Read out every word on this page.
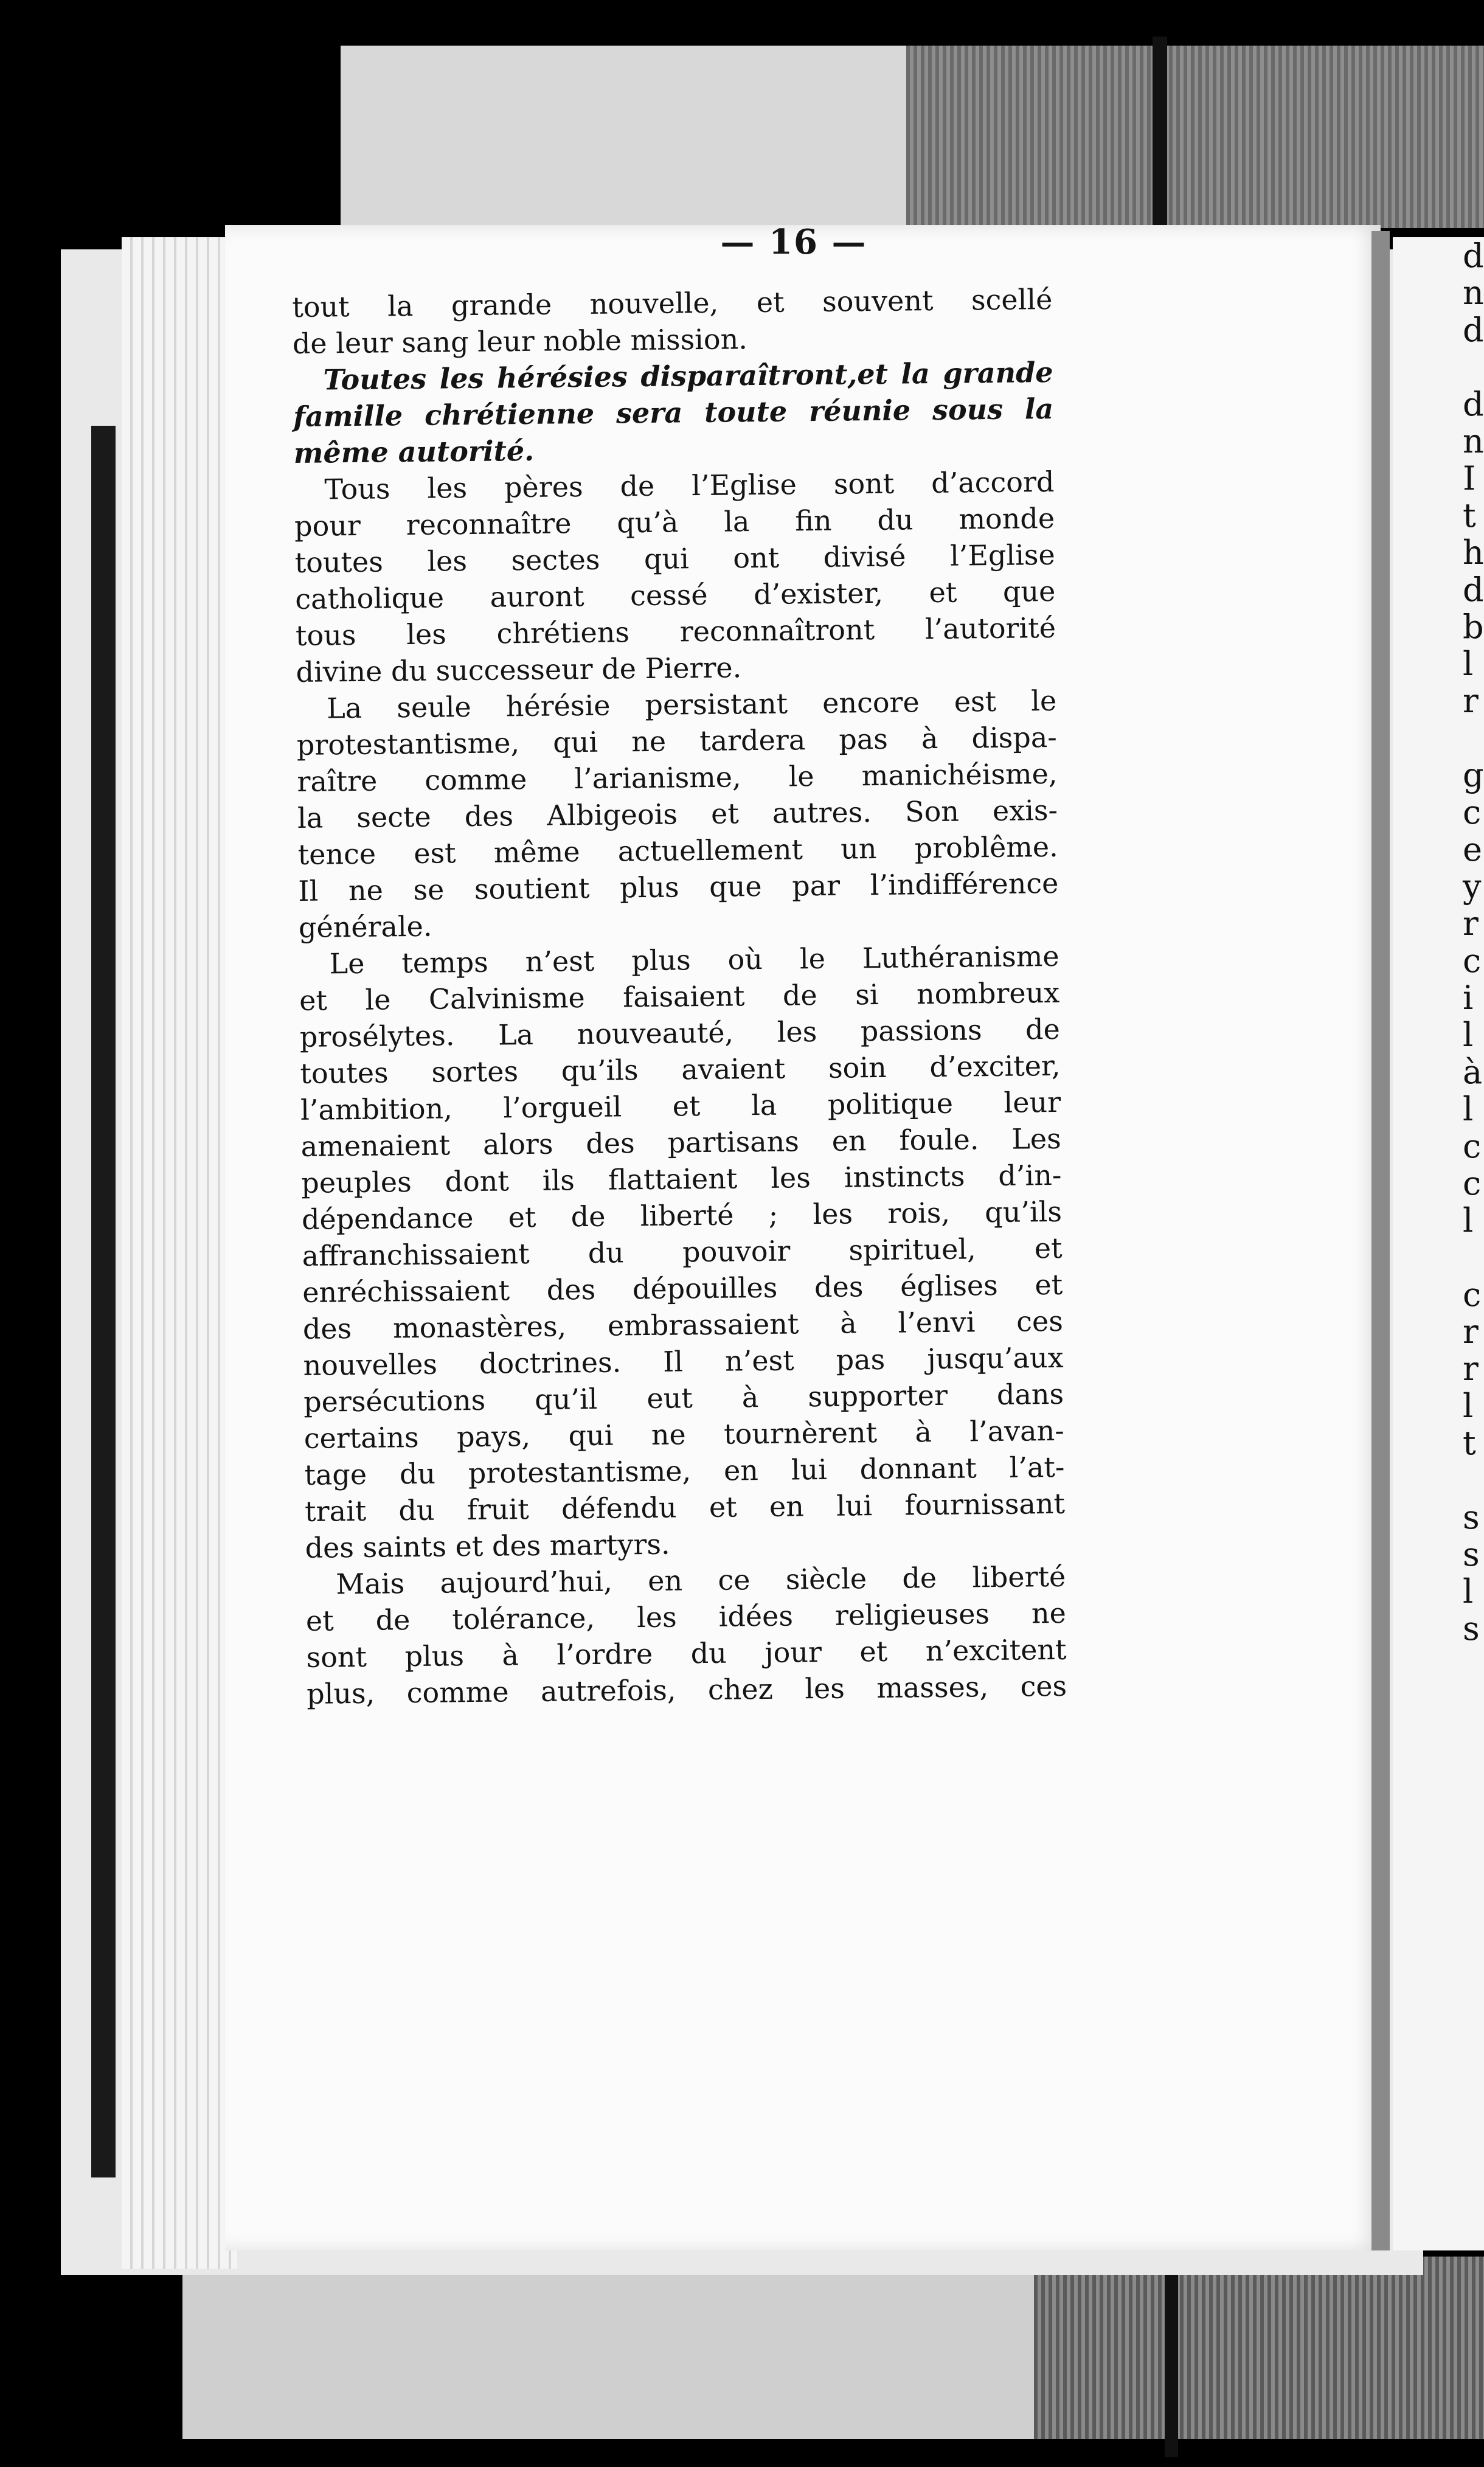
d
n
d

d
n
I
t
h
d
b
l
r

g
c
e
y
r
c
i
l
à
l
c
c
l

c
r
r
l
t

s
s
l
s
— 16 —
tout la grande nouvelle, et souvent scellé
de leur sang leur noble mission.
Toutes les hérésies disparaîtront,et la grande
famille chrétienne sera toute réunie sous la
même autorité.
Tous les pères de l’Eglise sont d’accord
pour reconnaître qu’à la fin du monde
toutes les sectes qui ont divisé l’Eglise
catholique auront cessé d’exister, et que
tous les chrétiens reconnaîtront l’autorité
divine du successeur de Pierre.
La seule hérésie persistant encore est le
protestantisme, qui ne tardera pas à dispa-
raître comme l’arianisme, le manichéisme,
la secte des Albigeois et autres. Son exis-
tence est même actuellement un problême.
Il ne se soutient plus que par l’indifférence
générale.
Le temps n’est plus où le Luthéranisme
et le Calvinisme faisaient de si nombreux
prosélytes. La nouveauté, les passions de
toutes sortes qu’ils avaient soin d’exciter,
l’ambition, l’orgueil et la politique leur
amenaient alors des partisans en foule. Les
peuples dont ils flattaient les instincts d’in-
dépendance et de liberté ; les rois, qu’ils
affranchissaient du pouvoir spirituel, et
enréchissaient des dépouilles des églises et
des monastères, embrassaient à l’envi ces
nouvelles doctrines. Il n’est pas jusqu’aux
persécutions qu’il eut à supporter dans
certains pays, qui ne tournèrent à l’avan-
tage du protestantisme, en lui donnant l’at-
trait du fruit défendu et en lui fournissant
des saints et des martyrs.
Mais aujourd’hui, en ce siècle de liberté
et de tolérance, les idées religieuses ne
sont plus à l’ordre du jour et n’excitent
plus, comme autrefois, chez les masses, ces
